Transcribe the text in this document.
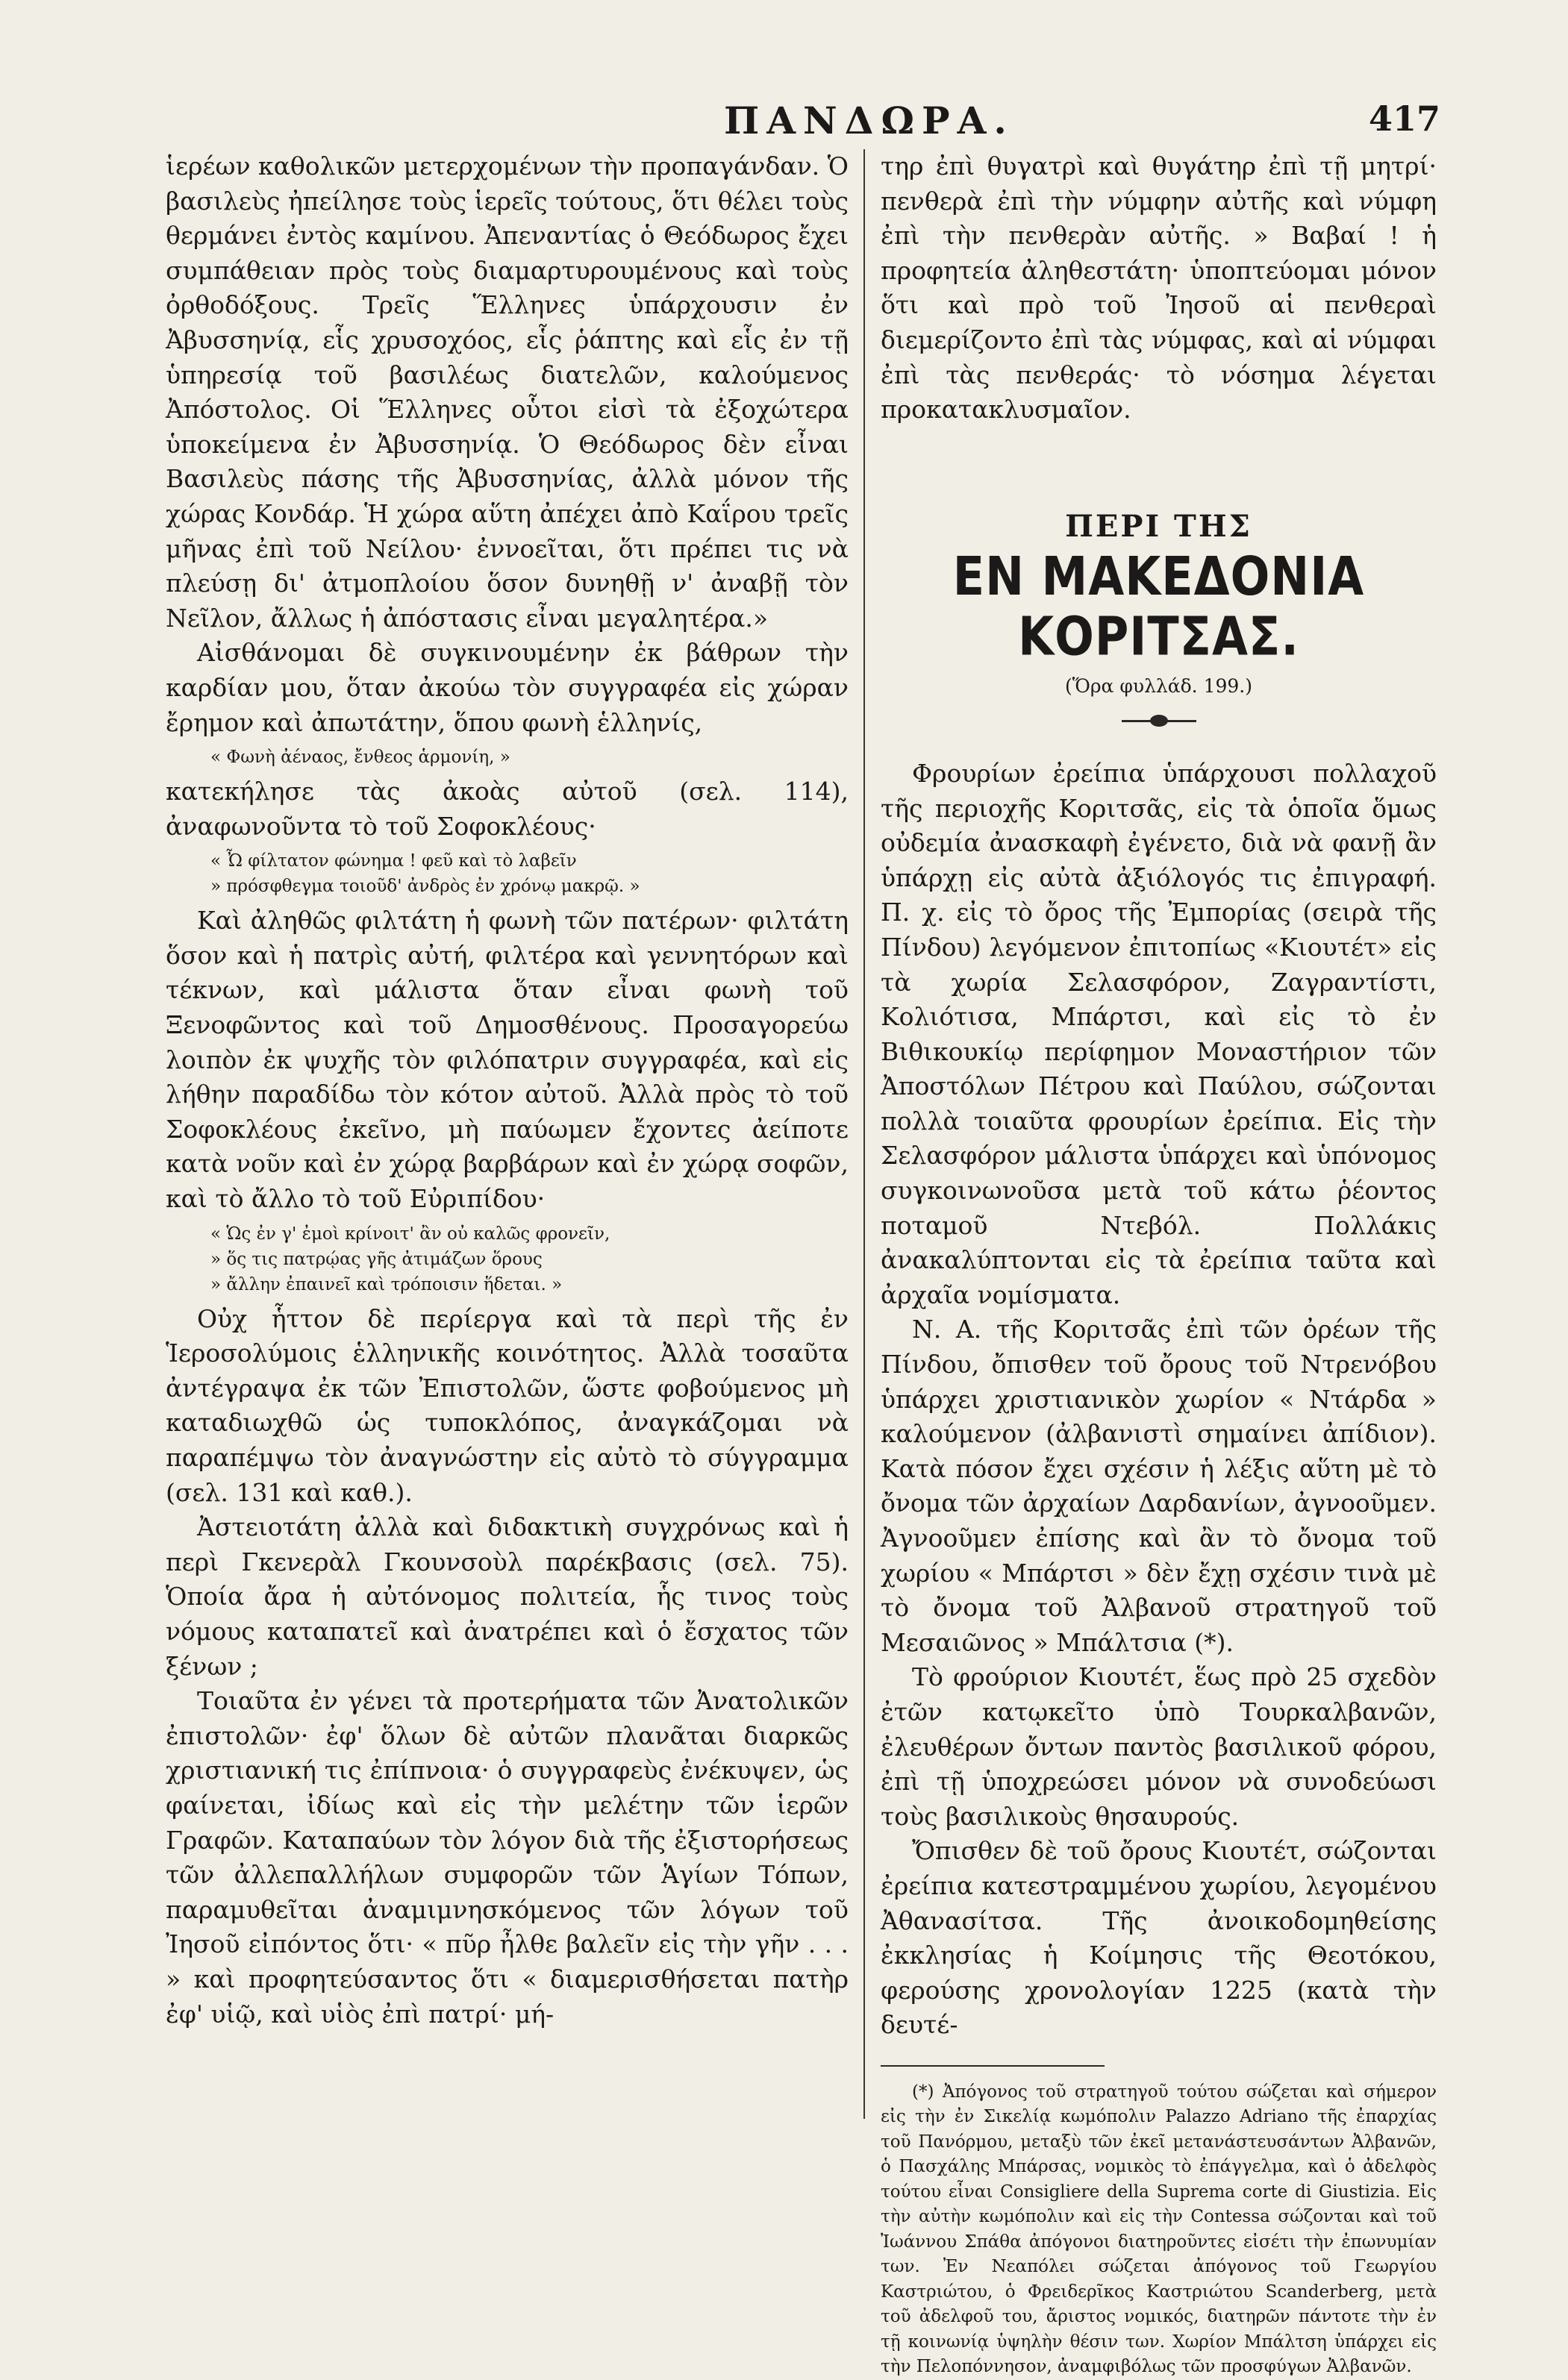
ΠΑΝΔΩΡΑ.	417

ἱερέων καθολικῶν μετερχομένων τὴν προπαγάνδαν. Ὁ βασιλεὺς ἠπείλησε τοὺς ἱερεῖς τούτους, ὅτι θέλει τοὺς θερμάνει ἐντὸς καμίνου. Ἀπεναντίας ὁ Θεόδωρος ἔχει συμπάθειαν πρὸς τοὺς διαμαρτυρουμένους καὶ τοὺς ὀρθοδόξους. Τρεῖς Ἕλληνες ὑπάρχουσιν ἐν Ἀβυσσηνίᾳ, εἷς χρυσοχόος, εἷς ῥάπτης καὶ εἷς ἐν τῇ ὑπηρεσίᾳ τοῦ βασιλέως διατελῶν, καλούμενος Ἀπόστολος. Οἱ Ἕλληνες οὗτοι εἰσὶ τὰ ἐξοχώτερα ὑποκείμενα ἐν Ἀβυσσηνίᾳ. Ὁ Θεόδωρος δὲν εἶναι Βασιλεὺς πάσης τῆς Ἀβυσσηνίας, ἀλλὰ μόνον τῆς χώρας Κονδάρ. Ἡ χώρα αὕτη ἀπέχει ἀπὸ Καΐρου τρεῖς μῆνας ἐπὶ τοῦ Νείλου· ἐννοεῖται, ὅτι πρέπει τις νὰ πλεύσῃ δι' ἀτμοπλοίου ὅσον δυνηθῇ ν' ἀναβῇ τὸν Νεῖλον, ἄλλως ἡ ἀπόστασις εἶναι μεγαλητέρα.»

Αἰσθάνομαι δὲ συγκινουμένην ἐκ βάθρων τὴν καρδίαν μου, ὅταν ἀκούω τὸν συγγραφέα εἰς χώραν ἔρημον καὶ ἀπωτάτην, ὅπου φωνὴ ἑλληνίς,

« Φωνὴ ἀέναος, ἔνθεος ἁρμονίη, »

κατεκήλησε τὰς ἀκοὰς αὐτοῦ (σελ. 114), ἀναφωνοῦντα τὸ τοῦ Σοφοκλέους·

« Ὦ φίλτατον φώνημα ! φεῦ καὶ τὸ λαβεῖν
» πρόσφθεγμα τοιοῦδ' ἀνδρὸς ἐν χρόνῳ μακρῷ. »

Καὶ ἀληθῶς φιλτάτη ἡ φωνὴ τῶν πατέρων· φιλτάτη ὅσον καὶ ἡ πατρὶς αὐτή, φιλτέρα καὶ γεννητόρων καὶ τέκνων, καὶ μάλιστα ὅταν εἶναι φωνὴ τοῦ Ξενοφῶντος καὶ τοῦ Δημοσθένους. Προσαγορεύω λοιπὸν ἐκ ψυχῆς τὸν φιλόπατριν συγγραφέα, καὶ εἰς λήθην παραδίδω τὸν κότον αὐτοῦ. Ἀλλὰ πρὸς τὸ τοῦ Σοφοκλέους ἐκεῖνο, μὴ παύωμεν ἔχοντες ἀείποτε κατὰ νοῦν καὶ ἐν χώρᾳ βαρβάρων καὶ ἐν χώρᾳ σοφῶν, καὶ τὸ ἄλλο τὸ τοῦ Εὐριπίδου·

« Ὡς ἐν γ' ἐμοὶ κρίνοιτ' ἂν οὐ καλῶς φρονεῖν,
» ὅς τις πατρῴας γῆς ἀτιμάζων ὅρους
» ἄλλην ἐπαινεῖ καὶ τρόποισιν ἥδεται. »

Οὐχ ἧττον δὲ περίεργα καὶ τὰ περὶ τῆς ἐν Ἱεροσολύμοις ἑλληνικῆς κοινότητος. Ἀλλὰ τοσαῦτα ἀντέγραψα ἐκ τῶν Ἐπιστολῶν, ὥστε φοβούμενος μὴ καταδιωχθῶ ὡς τυποκλόπος, ἀναγκάζομαι νὰ παραπέμψω τὸν ἀναγνώστην εἰς αὐτὸ τὸ σύγγραμμα (σελ. 131 καὶ καθ.).

Ἀστειοτάτη ἀλλὰ καὶ διδακτικὴ συγχρόνως καὶ ἡ περὶ Γκενερὰλ Γκουνσοὺλ παρέκβασις (σελ. 75). Ὁποία ἄρα ἡ αὐτόνομος πολιτεία, ἧς τινος τοὺς νόμους καταπατεῖ καὶ ἀνατρέπει καὶ ὁ ἔσχατος τῶν ξένων ;

Τοιαῦτα ἐν γένει τὰ προτερήματα τῶν Ἀνατολικῶν ἐπιστολῶν· ἐφ' ὅλων δὲ αὐτῶν πλανᾶται διαρκῶς χριστιανική τις ἐπίπνοια· ὁ συγγραφεὺς ἐνέκυψεν, ὡς φαίνεται, ἰδίως καὶ εἰς τὴν μελέτην τῶν ἱερῶν Γραφῶν. Καταπαύων τὸν λόγον διὰ τῆς ἐξιστορήσεως τῶν ἀλλεπαλλήλων συμφορῶν τῶν Ἁγίων Τόπων, παραμυθεῖται ἀναμιμνησκόμενος τῶν λόγων τοῦ Ἰησοῦ εἰπόντος ὅτι· « πῦρ ἦλθε βαλεῖν εἰς τὴν γῆν . . . » καὶ προφητεύσαντος ὅτι « διαμερισθήσεται πατὴρ ἐφ' υἱῷ, καὶ υἱὸς ἐπὶ πατρί· μή-

τηρ ἐπὶ θυγατρὶ καὶ θυγάτηρ ἐπὶ τῇ μητρί· πενθερὰ ἐπὶ τὴν νύμφην αὐτῆς καὶ νύμφη ἐπὶ τὴν πενθερὰν αὐτῆς. » Βαβαί ! ἡ προφητεία ἀληθεστάτη· ὑποπτεύομαι μόνον ὅτι καὶ πρὸ τοῦ Ἰησοῦ αἱ πενθεραὶ διεμερίζοντο ἐπὶ τὰς νύμφας, καὶ αἱ νύμφαι ἐπὶ τὰς πενθεράς· τὸ νόσημα λέγεται προκατακλυσμαῖον.

ΠΕΡΙ ΤΗΣ
ΕΝ ΜΑΚΕΔΟΝΙΑ ΚΟΡΙΤΣΑΣ.
(Ὅρα φυλλάδ. 199.)

Φρουρίων ἐρείπια ὑπάρχουσι πολλαχοῦ τῆς περιοχῆς Κοριτσᾶς, εἰς τὰ ὁποῖα ὅμως οὐδεμία ἀνασκαφὴ ἐγένετο, διὰ νὰ φανῇ ἂν ὑπάρχῃ εἰς αὐτὰ ἀξιόλογός τις ἐπιγραφή. Π. χ. εἰς τὸ ὄρος τῆς Ἐμπορίας (σειρὰ τῆς Πίνδου) λεγόμενον ἐπιτοπίως «Κιουτέτ» εἰς τὰ χωρία Σελασφόρον, Ζαγραντίστι, Κολιότισα, Μπάρτσι, καὶ εἰς τὸ ἐν Βιθικουκίῳ περίφημον Μοναστήριον τῶν Ἀποστόλων Πέτρου καὶ Παύλου, σώζονται πολλὰ τοιαῦτα φρουρίων ἐρείπια. Εἰς τὴν Σελασφόρον μάλιστα ὑπάρχει καὶ ὑπόνομος συγκοινωνοῦσα μετὰ τοῦ κάτω ῥέοντος ποταμοῦ Ντεβόλ. Πολλάκις ἀνακαλύπτονται εἰς τὰ ἐρείπια ταῦτα καὶ ἀρχαῖα νομίσματα.

Ν. Α. τῆς Κοριτσᾶς ἐπὶ τῶν ὀρέων τῆς Πίνδου, ὄπισθεν τοῦ ὄρους τοῦ Ντρενόβου ὑπάρχει χριστιανικὸν χωρίον « Ντάρδα » καλούμενον (ἀλβανιστὶ σημαίνει ἀπίδιον). Κατὰ πόσον ἔχει σχέσιν ἡ λέξις αὕτη μὲ τὸ ὄνομα τῶν ἀρχαίων Δαρδανίων, ἀγνοοῦμεν. Ἀγνοοῦμεν ἐπίσης καὶ ἂν τὸ ὄνομα τοῦ χωρίου « Μπάρτσι » δὲν ἔχῃ σχέσιν τινὰ μὲ τὸ ὄνομα τοῦ Ἀλβανοῦ στρατηγοῦ τοῦ Μεσαιῶνος » Μπάλτσια (*).

Τὸ φρούριον Κιουτέτ, ἕως πρὸ 25 σχεδὸν ἐτῶν κατῳκεῖτο ὑπὸ Τουρκαλβανῶν, ἐλευθέρων ὄντων παντὸς βασιλικοῦ φόρου, ἐπὶ τῇ ὑποχρεώσει μόνον νὰ συνοδεύωσι τοὺς βασιλικοὺς θησαυρούς.

Ὄπισθεν δὲ τοῦ ὄρους Κιουτέτ, σώζονται ἐρείπια κατεστραμμένου χωρίου, λεγομένου Ἀθανασίτσα. Τῆς ἀνοικοδομηθείσης ἐκκλησίας ἡ Κοίμησις τῆς Θεοτόκου, φερούσης χρονολογίαν 1225 (κατὰ τὴν δευτέ-

(*) Ἀπόγονος τοῦ στρατηγοῦ τούτου σώζεται καὶ σήμερον εἰς τὴν ἐν Σικελίᾳ κωμόπολιν Palazzo Adriano τῆς ἐπαρχίας τοῦ Πανόρμου, μεταξὺ τῶν ἐκεῖ μετανάστευσάντων Ἀλβανῶν, ὁ Πασχάλης Μπάρσας, νομικὸς τὸ ἐπάγγελμα, καὶ ὁ ἀδελφὸς τούτου εἶναι Consigliere della Suprema corte di Giustizia. Εἰς τὴν αὐτὴν κωμόπολιν καὶ εἰς τὴν Contessa σώζονται καὶ τοῦ Ἰωάννου Σπάθα ἀπόγονοι διατηροῦντες εἰσέτι τὴν ἐπωνυμίαν των. Ἐν Νεαπόλει σώζεται ἀπόγονος τοῦ Γεωργίου Καστριώτου, ὁ Φρειδερῖκος Καστριώτου Scanderberg, μετὰ τοῦ ἀδελφοῦ του, ἄριστος νομικός, διατηρῶν πάντοτε τὴν ἐν τῇ κοινωνίᾳ ὑψηλὴν θέσιν των. Χωρίον Μπάλτση ὑπάρχει εἰς τὴν Πελοπόννησον, ἀναμφιβόλως τῶν προσφύγων Ἀλβανῶν.
